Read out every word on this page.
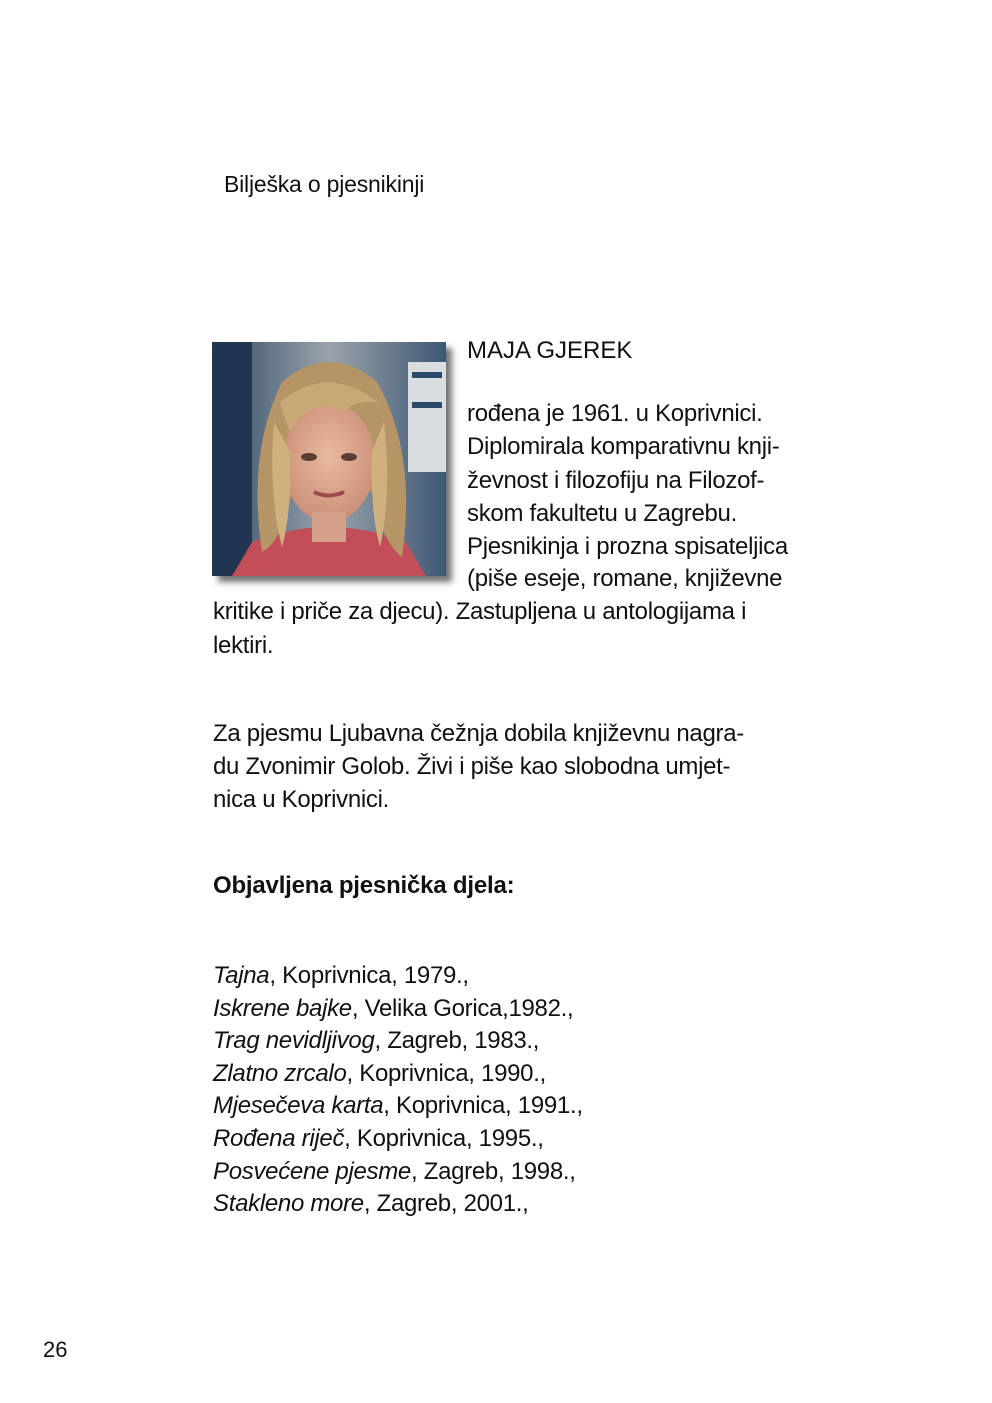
Bilješka o pjesnikinji
MAJA GJEREK
rođena je 1961. u Koprivnici.
Diplomirala komparativnu knji-
ževnost i filozofiju na Filozof-
skom fakultetu u Zagrebu.
Pjesnikinja i prozna spisateljica
(piše eseje, romane, književne
kritike i priče za djecu). Zastupljena u antologijama i
lektiri.
Za pjesmu Ljubavna čežnja dobila književnu nagra-
du Zvonimir Golob. Živi i piše kao slobodna umjet-
nica u Koprivnici.
Objavljena pjesnička djela:
Tajna, Koprivnica, 1979.,
Iskrene bajke, Velika Gorica,1982.,
Trag nevidljivog, Zagreb, 1983.,
Zlatno zrcalo, Koprivnica, 1990.,
Mjesečeva karta, Koprivnica, 1991.,
Rođena riječ, Koprivnica, 1995.,
Posvećene pjesme, Zagreb, 1998.,
Stakleno more, Zagreb, 2001.,
26
